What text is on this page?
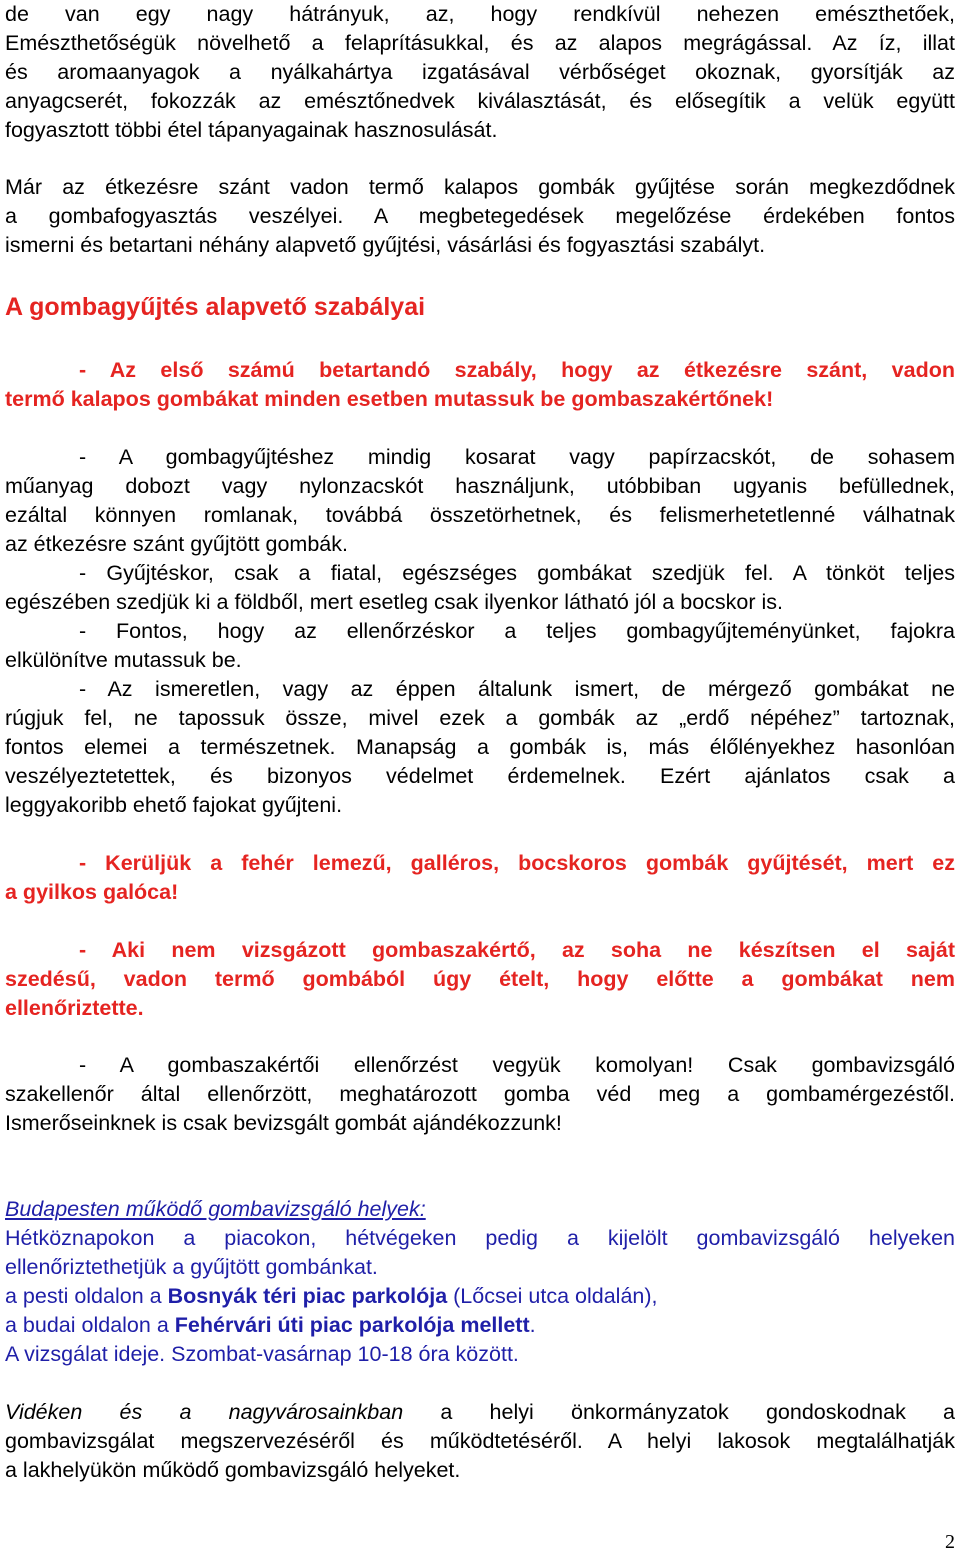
de van egy nagy hátrányuk, az, hogy rendkívül nehezen emészthetőek,
Emészthetőségük növelhető a felaprításukkal, és az alapos megrágással. Az íz, illat
és aromaanyagok a nyálkahártya izgatásával vérbőséget okoznak, gyorsítják az
anyagcserét, fokozzák az emésztőnedvek kiválasztását, és elősegítik a velük együtt
fogyasztott többi étel tápanyagainak hasznosulását.
Már az étkezésre szánt vadon termő kalapos gombák gyűjtése során megkezdődnek
a gombafogyasztás veszélyei. A megbetegedések megelőzése érdekében fontos
ismerni és betartani néhány alapvető gyűjtési, vásárlási és fogyasztási szabályt.
A gombagyűjtés alapvető szabályai
- Az első számú betartandó szabály, hogy az étkezésre szánt, vadon
termő kalapos gombákat minden esetben mutassuk be gombaszakértőnek!
- A gombagyűjtéshez mindig kosarat vagy papírzacskót, de sohasem
műanyag dobozt vagy nylonzacskót használjunk, utóbbiban ugyanis befüllednek,
ezáltal könnyen romlanak, továbbá összetörhetnek, és felismerhetetlenné válhatnak
az étkezésre szánt gyűjtött gombák.
- Gyűjtéskor, csak a fiatal, egészséges gombákat szedjük fel. A tönköt teljes
egészében szedjük ki a földből, mert esetleg csak ilyenkor látható jól a bocskor is.
- Fontos, hogy az ellenőrzéskor a teljes gombagyűjteményünket, fajokra
elkülönítve mutassuk be.
- Az ismeretlen, vagy az éppen általunk ismert, de mérgező gombákat ne
rúgjuk fel, ne tapossuk össze, mivel ezek a gombák az „erdő népéhez” tartoznak,
fontos elemei a természetnek. Manapság a gombák is, más élőlényekhez hasonlóan
veszélyeztetettek, és bizonyos védelmet érdemelnek. Ezért ajánlatos csak a
leggyakoribb ehető fajokat gyűjteni.
- Kerüljük a fehér lemezű, galléros, bocskoros gombák gyűjtését, mert ez
a gyilkos galóca!
- Aki nem vizsgázott gombaszakértő, az soha ne készítsen el saját
szedésű, vadon termő gombából úgy ételt, hogy előtte a gombákat nem
ellenőriztette.
- A gombaszakértői ellenőrzést vegyük komolyan! Csak gombavizsgáló
szakellenőr által ellenőrzött, meghatározott gomba véd meg a gombamérgezéstől.
Ismerőseinknek is csak bevizsgált gombát ajándékozzunk!
Budapesten működő gombavizsgáló helyek:
Hétköznapokon a piacokon, hétvégeken pedig a kijelölt gombavizsgáló helyeken
ellenőriztethetjük a gyűjtött gombánkat.
a pesti oldalon a Bosnyák téri piac parkolója (Lőcsei utca oldalán),
a budai oldalon a Fehérvári úti piac parkolója mellett.
A vizsgálat ideje. Szombat-vasárnap 10-18 óra között.
Vidéken és a nagyvárosainkban a helyi önkormányzatok gondoskodnak a
gombavizsgálat megszervezéséről és működtetéséről. A helyi lakosok megtalálhatják
a lakhelyükön működő gombavizsgáló helyeket.
2
